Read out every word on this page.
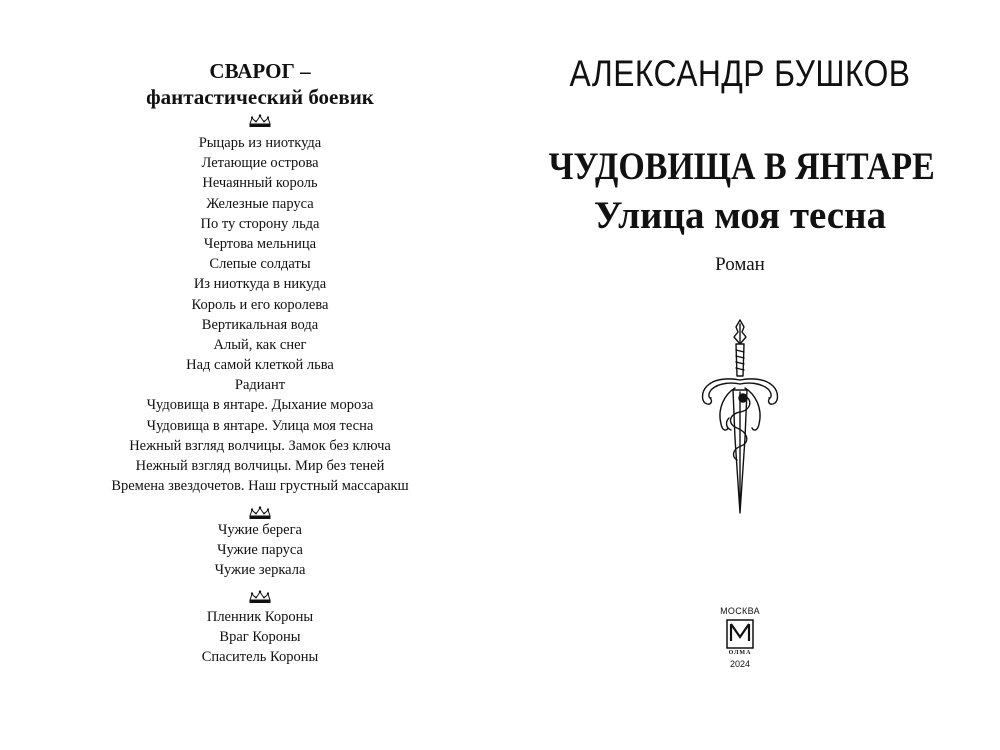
СВАРОГ –
фантастический боевик
Рыцарь из ниоткуда
Летающие острова
Нечаянный король
Железные паруса
По ту сторону льда
Чертова мельница
Слепые солдаты
Из ниоткуда в никуда
Король и его королева
Вертикальная вода
Алый, как снег
Над самой клеткой льва
Радиант
Чудовища в янтаре. Дыхание мороза
Чудовища в янтаре. Улица моя тесна
Нежный взгляд волчицы. Замок без ключа
Нежный взгляд волчицы. Мир без теней
Времена звездочетов. Наш грустный массаракш
Чужие берега
Чужие паруса
Чужие зеркала
Пленник Короны
Враг Короны
Спаситель Короны
АЛЕКСАНДР БУШКОВ
ЧУДОВИЩА В ЯНТАРЕ
Улица моя тесна
Роман
МОСКВА
ОЛМА
2024
